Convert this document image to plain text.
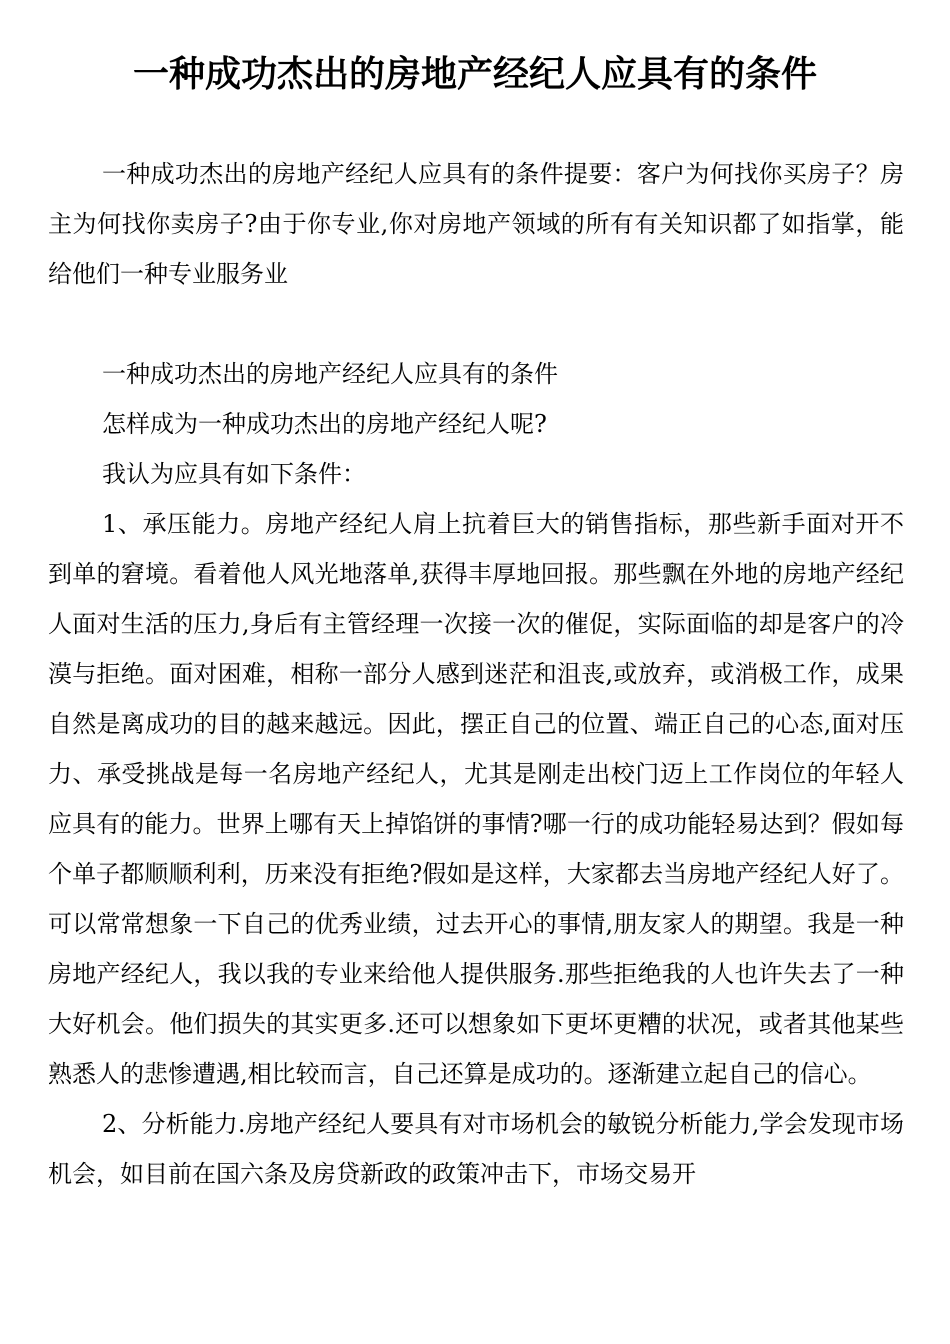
一种成功杰出的房地产经纪人应具有的条件

一种成功杰出的房地产经纪人应具有的条件提要：客户为何找你买房子？房主为何找你卖房子?由于你专业,你对房地产领域的所有有关知识都了如指掌，能给他们一种专业服务业

一种成功杰出的房地产经纪人应具有的条件

怎样成为一种成功杰出的房地产经纪人呢?

我认为应具有如下条件：

1、承压能力。房地产经纪人肩上抗着巨大的销售指标，那些新手面对开不到单的窘境。看着他人风光地落单,获得丰厚地回报。那些飘在外地的房地产经纪人面对生活的压力,身后有主管经理一次接一次的催促，实际面临的却是客户的冷漠与拒绝。面对困难，相称一部分人感到迷茫和沮丧,或放弃，或消极工作，成果自然是离成功的目的越来越远。因此，摆正自己的位置、端正自己的心态,面对压力、承受挑战是每一名房地产经纪人，尤其是刚走出校门迈上工作岗位的年轻人应具有的能力。世界上哪有天上掉馅饼的事情?哪一行的成功能轻易达到？假如每个单子都顺顺利利，历来没有拒绝?假如是这样，大家都去当房地产经纪人好了。可以常常想象一下自己的优秀业绩，过去开心的事情,朋友家人的期望。我是一种房地产经纪人，我以我的专业来给他人提供服务.那些拒绝我的人也许失去了一种大好机会。他们损失的其实更多.还可以想象如下更坏更糟的状况，或者其他某些熟悉人的悲惨遭遇,相比较而言，自己还算是成功的。逐渐建立起自己的信心。

2、分析能力.房地产经纪人要具有对市场机会的敏锐分析能力,学会发现市场机会，如目前在国六条及房贷新政的政策冲击下，市场交易开
